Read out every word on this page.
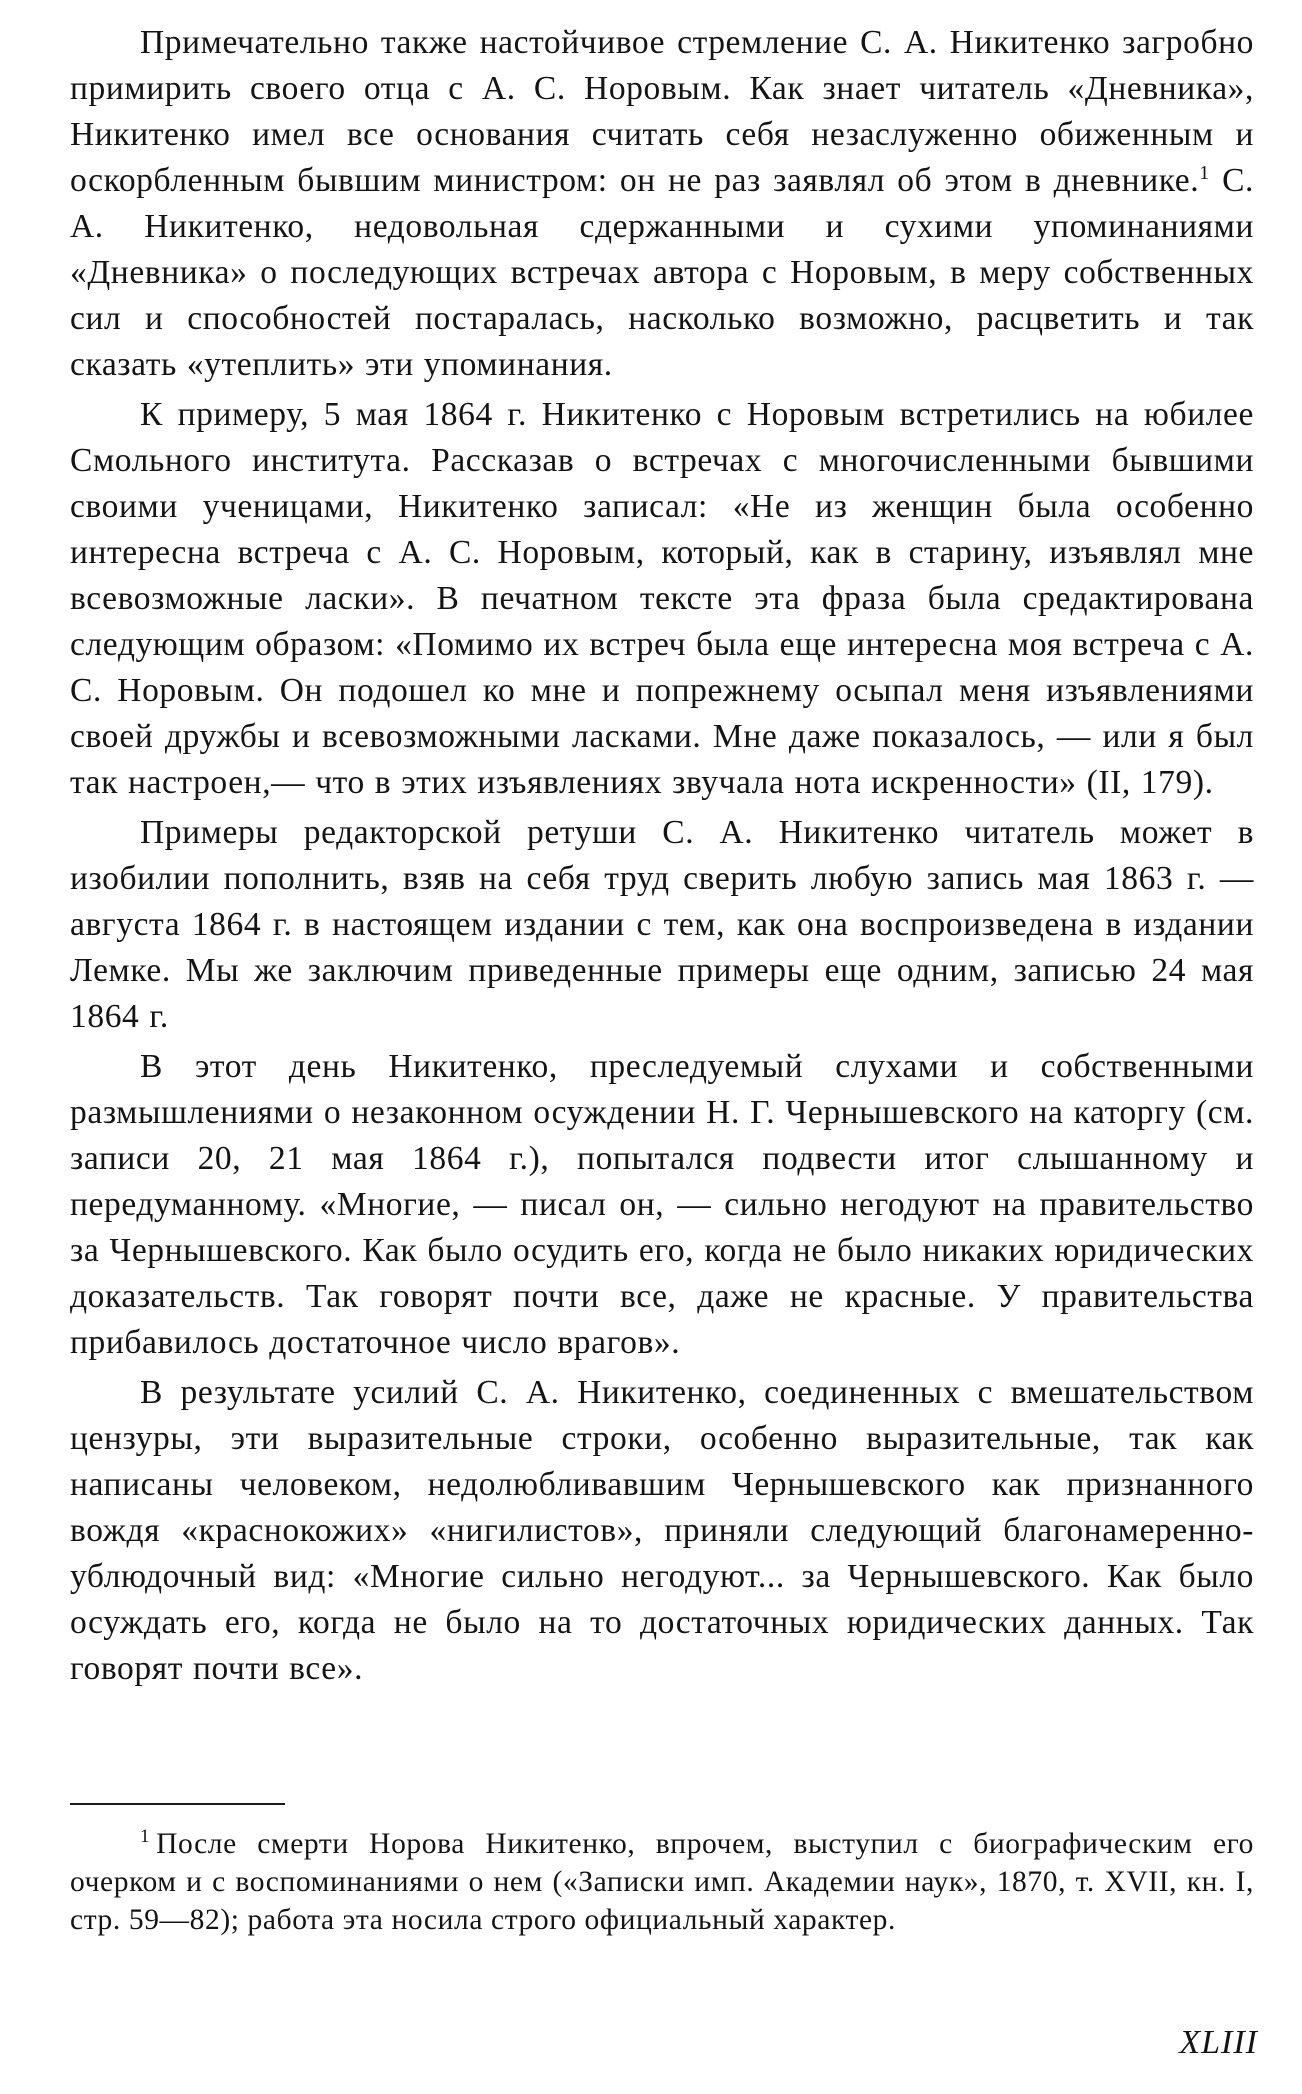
Примечательно также настойчивое стремление С. А. Никитенко загробно примирить своего отца с А. С. Норовым. Как знает читатель «Дневника», Никитенко имел все основания считать себя незаслуженно обиженным и оскорбленным бывшим министром: он не раз заявлял об этом в дневнике.$^1$ С. А. Никитенко, недовольная сдержанными и сухими упоминаниями «Дневника» о последующих встречах автора с Норовым, в меру собственных сил и способностей постаралась, насколько возможно, расцветить и так сказать «утеплить» эти упоминания.

К примеру, 5 мая 1864 г. Никитенко с Норовым встретились на юбилее Смольного института. Рассказав о встречах с многочисленными бывшими своими ученицами, Никитенко записал: «Не из женщин была особенно интересна встреча с А. С. Норовым, который, как в старину, изъявлял мне всевозможные ласки». В печатном тексте эта фраза была средактирована следующим образом: «Помимо их встреч была еще интересна моя встреча с А. С. Норовым. Он подошел ко мне и попрежнему осыпал меня изъявлениями своей дружбы и всевозможными ласками. Мне даже показалось, — или я был так настроен,— что в этих изъявлениях звучала нота искренности» (II, 179).

Примеры редакторской ретуши С. А. Никитенко читатель может в изобилии пополнить, взяв на себя труд сверить любую запись мая 1863 г. — августа 1864 г. в настоящем издании с тем, как она воспроизведена в издании Лемке. Мы же заключим приведенные примеры еще одним, записью 24 мая 1864 г.

В этот день Никитенко, преследуемый слухами и собственными размышлениями о незаконном осуждении Н. Г. Чернышевского на каторгу (см. записи 20, 21 мая 1864 г.), попытался подвести итог слышанному и передуманному. «Многие, — писал он, — сильно негодуют на правительство за Чернышевского. Как было осудить его, когда не было никаких юридических доказательств. Так говорят почти все, даже не красные. У правительства прибавилось достаточное число врагов».

В результате усилий С. А. Никитенко, соединенных с вмешательством цензуры, эти выразительные строки, особенно выразительные, так как написаны человеком, недолюбливавшим Чернышевского как признанного вождя «краснокожих» «нигилистов», приняли следующий благонамеренно-ублюдочный вид: «Многие сильно негодуют... за Чернышевского. Как было осуждать его, когда не было на то достаточных юридических данных. Так говорят почти все».

$^1$ После смерти Норова Никитенко, впрочем, выступил с биографическим его очерком и с воспоминаниями о нем («Записки имп. Академии наук», 1870, т. XVII, кн. I, стр. 59—82); работа эта носила строго официальный характер.

XLIII
